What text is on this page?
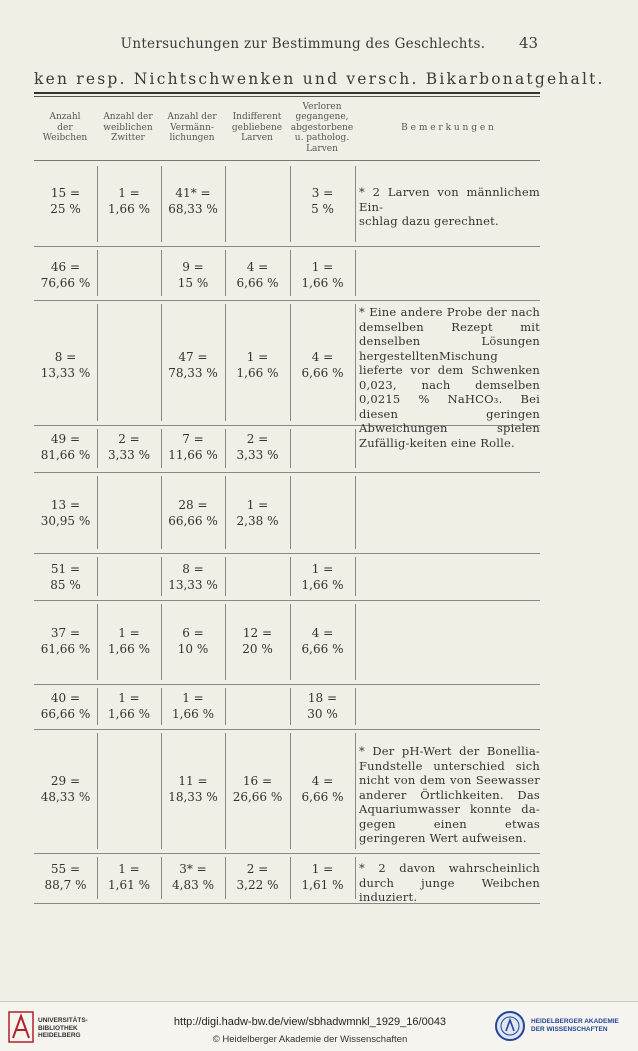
Untersuchungen zur Bestimmung des Geschlechts. 43
ken resp. Nichtschwenken und versch. Bikarbonatgehalt.
Anzahl
der
Weibchen
Anzahl der
weiblichen
Zwitter
Anzahl der
Vermänn-
lichungen
Indifferent
gebliebene
Larven
Verloren
gegangene,
abgestorbene
u. patholog.
Larven
B e m e r k u n g e n
15 =
25 %
1 =
1,66 %
41* =
68,33 %
3 =
5 %
* 2 Larven von männlichem Ein-
schlag dazu gerechnet.
46 =
76,66 %
9 =
15 %
4 =
6,66 %
1 =
1,66 %
8 =
13,33 %
47 =
78,33 %
1 =
1,66 %
4 =
6,66 %
* Eine andere Probe der nach demselben Rezept mit denselben Lösungen hergestelltenMischung lieferte vor dem Schwenken 0,023, nach demselben 0,0215 % NaHCO₃. Bei diesen geringen Abweichungen spielen Zufällig-keiten eine Rolle.
49 =
81,66 %
2 =
3,33 %
7 =
11,66 %
2 =
3,33 %
13 =
30,95 %
28 =
66,66 %
1 =
2,38 %
51 =
85 %
8 =
13,33 %
1 =
1,66 %
37 =
61,66 %
1 =
1,66 %
6 =
10 %
12 =
20 %
4 =
6,66 %
40 =
66,66 %
1 =
1,66 %
1 =
1,66 %
18 =
30 %
29 =
48,33 %
11 =
18,33 %
16 =
26,66 %
4 =
6,66 %
* Der pH-Wert der Bonellia-Fundstelle unterschied sich nicht von dem von Seewasser anderer Örtlichkeiten. Das Aquariumwasser konnte da-gegen einen etwas geringeren Wert aufweisen.
55 =
88,7 %
1 =
1,61 %
3* =
4,83 %
2 =
3,22 %
1 =
1,61 %
* 2 davon wahrscheinlich durch junge Weibchen induziert.
UNIVERSITÄTS-
BIBLIOTHEK
HEIDELBERG
http://digi.hadw-bw.de/view/sbhadwmnkl_1929_16/0043
© Heidelberger Akademie der Wissenschaften
HEIDELBERGER AKADEMIE
DER WISSENSCHAFTEN
